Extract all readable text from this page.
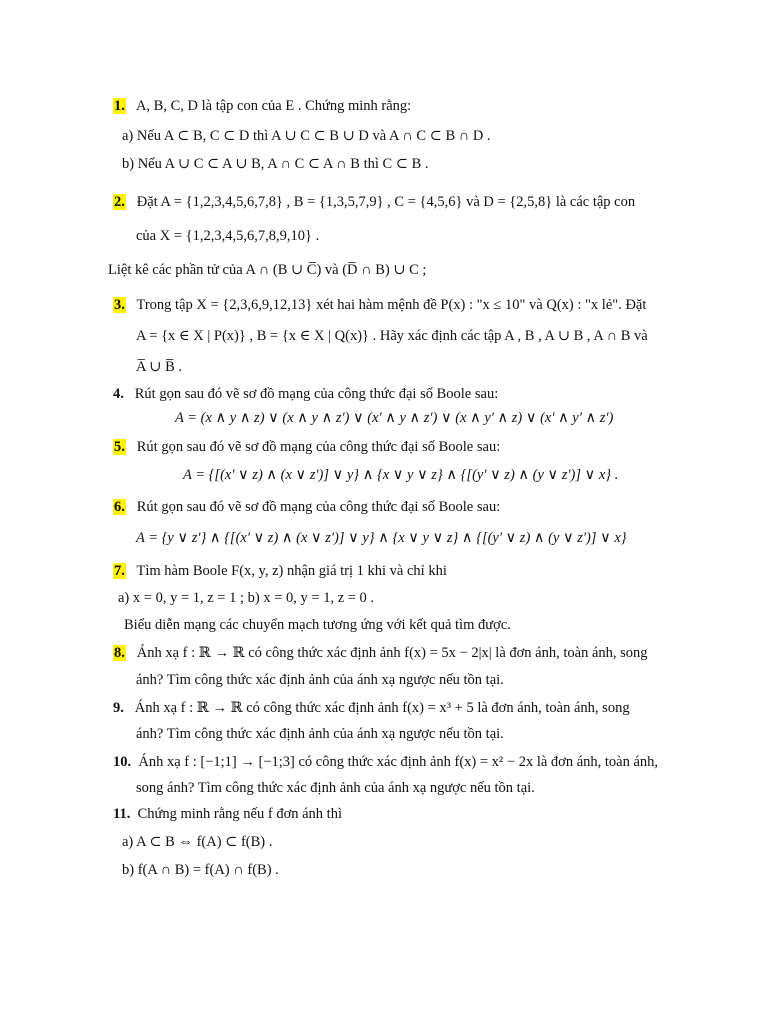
1. A, B, C, D là tập con của E . Chứng minh rằng:
a) Nếu A ⊂ B, C ⊂ D thì A ∪ C ⊂ B ∪ D và A ∩ C ⊂ B ∩ D .
b) Nếu A ∪ C ⊂ A ∪ B, A ∩ C ⊂ A ∩ B thì C ⊂ B .
2. Đặt A = {1,2,3,4,5,6,7,8} , B = {1,3,5,7,9} , C = {4,5,6} và D = {2,5,8} là các tập con
của X = {1,2,3,4,5,6,7,8,9,10} .
Liệt kê các phần tử của A ∩ (B ∪ C̅) và (D̅ ∩ B) ∪ C ;
3. Trong tập X = {2,3,6,9,12,13} xét hai hàm mệnh đề P(x) : "x ≤ 10" và Q(x) : "x lẻ". Đặt
A = {x ∈ X | P(x)} , B = {x ∈ X | Q(x)} . Hãy xác định các tập A , B , A ∪ B , A ∩ B và
A̅ ∪ B̅ .
4. Rút gọn sau đó vẽ sơ đồ mạng của công thức đại số Boole sau:
A = (x ∧ y ∧ z) ∨ (x ∧ y ∧ z') ∨ (x' ∧ y ∧ z') ∨ (x ∧ y' ∧ z) ∨ (x' ∧ y' ∧ z')
5. Rút gọn sau đó vẽ sơ đồ mạng của công thức đại số Boole sau:
A = {[(x' ∨ z) ∧ (x ∨ z')] ∨ y} ∧ {x ∨ y ∨ z} ∧ {[(y' ∨ z) ∧ (y ∨ z')] ∨ x} .
6. Rút gọn sau đó vẽ sơ đồ mạng của công thức đại số Boole sau:
A = {y ∨ z'} ∧ {[(x' ∨ z) ∧ (x ∨ z')] ∨ y} ∧ {x ∨ y ∨ z} ∧ {[(y' ∨ z) ∧ (y ∨ z')] ∨ x}
7. Tìm hàm Boole F(x, y, z) nhận giá trị 1 khi và chỉ khi
a) x = 0, y = 1, z = 1 ; b) x = 0, y = 1, z = 0 .
Biểu diễn mạng các chuyển mạch tương ứng với kết quả tìm được.
8. Ánh xạ f : ℝ → ℝ có công thức xác định ảnh f(x) = 5x − 2|x| là đơn ánh, toàn ánh, song
ánh? Tìm công thức xác định ảnh của ánh xạ ngược nếu tồn tại.
9. Ánh xạ f : ℝ → ℝ có công thức xác định ảnh f(x) = x³ + 5 là đơn ánh, toàn ánh, song
ánh? Tìm công thức xác định ảnh của ánh xạ ngược nếu tồn tại.
10. Ánh xạ f : [−1;1] → [−1;3] có công thức xác định ảnh f(x) = x² − 2x là đơn ánh, toàn ánh,
song ánh? Tìm công thức xác định ảnh của ánh xạ ngược nếu tồn tại.
11. Chứng minh rằng nếu f đơn ánh thì
a) A ⊂ B ⇔ f(A) ⊂ f(B) .
b) f(A ∩ B) = f(A) ∩ f(B) .
